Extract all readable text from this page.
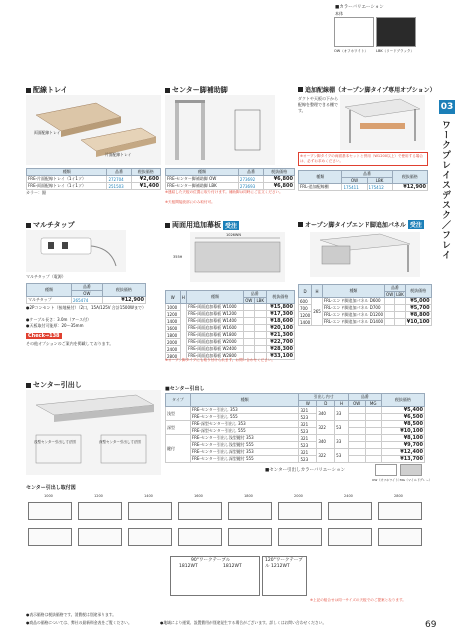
■カラーバリエーション
本体
OW（オフホワイト） LBK（リードブラック）
03
ワークプレイスデスク／フレイ
配線トレイ
両面配線トレイ
片面配線トレイ
種類	品番	税抜価格
FRE-片面配線トレイ（1イ1ソ）	272704	¥2,600
FRE-両面配線トレイ（1イ1ソ）	251503	¥1,400
カラー：銀
センター脚補助脚
種類	品番	税抜価格
FRE-センター脚補助脚 OW	273692	¥6,800
FRE-センター脚補助脚 LBK	273693	¥6,800
※連結した天板の位置に取り付けます。補助脚は同時にご注文ください。
※天板間接続部にのみ取付可。
追加配線棚（オープン脚タイプ専用オプション）
ダクトや天板の下から配線を整理できる棚です。
※オープン脚タイプの両面基本セットと併用（W1200以上）で使用する場合は、必ずお求めください。
種類	品番		税抜価格
	OW	LBK	
FRL-追加配線棚	175411	175412	¥12,900
マルチタップ
マルチタップ（電源）
種類	品番	税抜価格
	OW	
マルチタップ	265474	¥12,900
●2Pコンセント（接地極付）（2口，15A/125V 合計1500Wまで）
●ケーブル長さ：3.0m（アース付）
●天板取付可能厚：20～35mm
Check→138
その他オプションのご案内を掲載しております。
両面用追加幕板 受注
1026WN
355H
W	H	種類	品番		税抜価格
			OW	LBK	
1000		FRE-両面追加幕板 W1000			¥15,800
1200		FRE-両面追加幕板 W1200			¥17,300
1400		FRE-両面追加幕板 W1400			¥18,600
1600		FRE-両面追加幕板 W1600			¥20,100
1800		FRE-両面追加幕板 W1800			¥21,300
2000		FRE-両面追加幕板 W2000			¥22,700
2400		FRE-両面追加幕板 W2400			¥28,300
2800		FRE-両面追加幕板 W2800			¥33,100
※オープン脚タイプにも取り付けられます。お問い合わせください。
オープン脚タイプエンド脚追加パネル 受注
D	H	種類	品番		税抜価格
			OW	LBK	
600	265	FRL-エンド脚追加パネル D600			¥5,000
700		FRL-エンド脚追加パネル D700			¥5,700
1200		FRL-エンド脚追加パネル D1200			¥8,800
1400		FRL-エンド脚追加パネル D1400			¥10,100
センター引出し
浅型センター引出し寸法図	深型センター引出し寸法図
■センター引出し
タイプ	種類	引出し内寸			品番		税抜価格
		W	D	H	OW	MG	
浅型	FRE-センター引出し 353	321	340	33			¥5,400
	FRE-センター引出し 555	523					¥6,500
深型	FRE-深型センター引出し 353	321	322	53			¥8,500
	FRE-深型センター引出し 555	523					¥10,100
鍵付	FRE-センター引出し浅型鍵付 353	321	340	33			¥8,100
	FRE-センター引出し浅型鍵付 555	523					¥9,700
	FRE-センター引出し深型鍵付 353	321	322	53			¥12,400
	FRE-センター引出し深型鍵付 555	523					¥13,700
■センター引出しカラーバリエーション
OW（オフホワイト）
MG（マイルドグレー）
センター引出し取付図
1000	1200	1400	1600	1800	2000	2400	2800
90°ワークテーブル
1812WT	1812WT
120°ワークテーブル 1212WT
※上記の組合せは同一サイズの天板でのご提案となります。
●表示価格は税抜価格です。消費税は別途承ります。
●商品の価格については、弊社の最新料金表をご覧ください。	●地域により運賃、設置費用が別途発生する場合がございます。詳しくはお問い合わせください。	69
